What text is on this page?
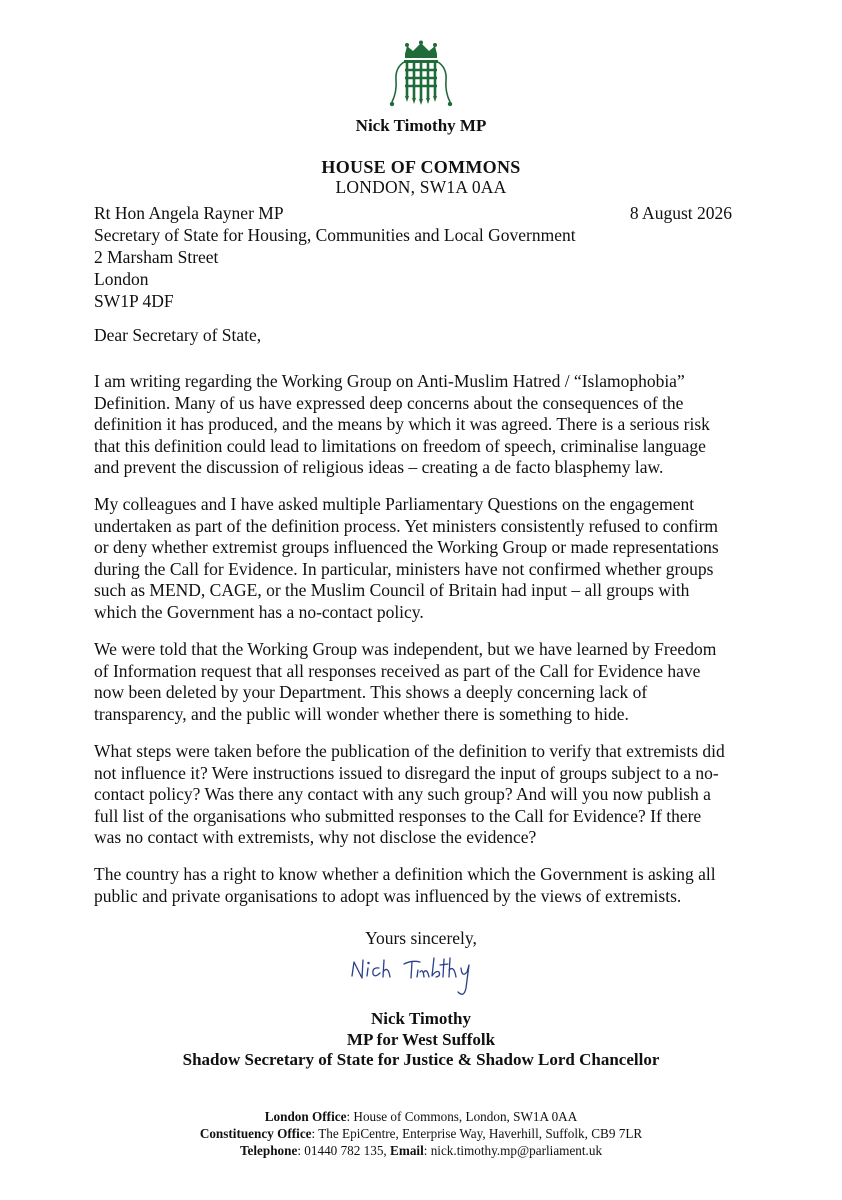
Nick Timothy MP
HOUSE OF COMMONS
LONDON, SW1A 0AA
Rt Hon Angela Rayner MP
Secretary of State for Housing, Communities and Local Government
2 Marsham Street
London
SW1P 4DF
8 August 2026
Dear Secretary of State,
I am writing regarding the Working Group on Anti-Muslim Hatred / “Islamophobia”
Definition. Many of us have expressed deep concerns about the consequences of the
definition it has produced, and the means by which it was agreed. There is a serious risk
that this definition could lead to limitations on freedom of speech, criminalise language
and prevent the discussion of religious ideas – creating a de facto blasphemy law.
My colleagues and I have asked multiple Parliamentary Questions on the engagement
undertaken as part of the definition process. Yet ministers consistently refused to confirm
or deny whether extremist groups influenced the Working Group or made representations
during the Call for Evidence. In particular, ministers have not confirmed whether groups
such as MEND, CAGE, or the Muslim Council of Britain had input – all groups with
which the Government has a no-contact policy.
We were told that the Working Group was independent, but we have learned by Freedom
of Information request that all responses received as part of the Call for Evidence have
now been deleted by your Department. This shows a deeply concerning lack of
transparency, and the public will wonder whether there is something to hide.
What steps were taken before the publication of the definition to verify that extremists did
not influence it? Were instructions issued to disregard the input of groups subject to a no-
contact policy? Was there any contact with any such group? And will you now publish a
full list of the organisations who submitted responses to the Call for Evidence? If there
was no contact with extremists, why not disclose the evidence?
The country has a right to know whether a definition which the Government is asking all
public and private organisations to adopt was influenced by the views of extremists.
Yours sincerely,
Nick Timothy
MP for West Suffolk
Shadow Secretary of State for Justice & Shadow Lord Chancellor
London Office: House of Commons, London, SW1A 0AA
Constituency Office: The EpiCentre, Enterprise Way, Haverhill, Suffolk, CB9 7LR
Telephone: 01440 782 135, Email: nick.timothy.mp@parliament.uk
